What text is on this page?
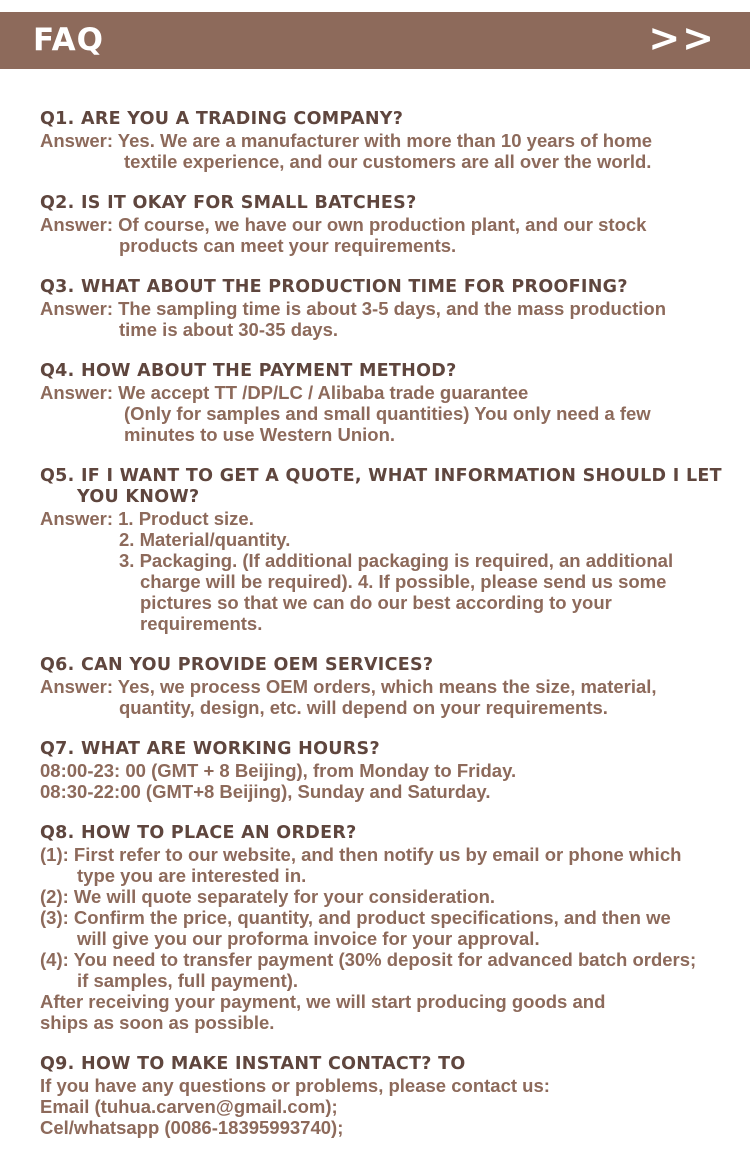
FAQ	>>
Q1. ARE YOU A TRADING COMPANY?
Answer: Yes. We are a manufacturer with more than 10 years of home
textile experience, and our customers are all over the world.
Q2. IS IT OKAY FOR SMALL BATCHES?
Answer: Of course, we have our own production plant, and our stock
products can meet your requirements.
Q3. WHAT ABOUT THE PRODUCTION TIME FOR PROOFING?
Answer: The sampling time is about 3-5 days, and the mass production
time is about 30-35 days.
Q4. HOW ABOUT THE PAYMENT METHOD?
Answer: We accept TT /DP/LC / Alibaba trade guarantee
(Only for samples and small quantities) You only need a few
minutes to use Western Union.
Q5. IF I WANT TO GET A QUOTE, WHAT INFORMATION SHOULD I LET
YOU KNOW?
Answer: 1. Product size.
2. Material/quantity.
3. Packaging. (If additional packaging is required, an additional
charge will be required). 4. If possible, please send us some
pictures so that we can do our best according to your
requirements.
Q6. CAN YOU PROVIDE OEM SERVICES?
Answer: Yes, we process OEM orders, which means the size, material,
quantity, design, etc. will depend on your requirements.
Q7. WHAT ARE WORKING HOURS?
08:00-23: 00 (GMT + 8 Beijing), from Monday to Friday.
08:30-22:00 (GMT+8 Beijing), Sunday and Saturday.
Q8. HOW TO PLACE AN ORDER?
(1): First refer to our website, and then notify us by email or phone which
type you are interested in.
(2): We will quote separately for your consideration.
(3): Confirm the price, quantity, and product specifications, and then we
will give you our proforma invoice for your approval.
(4): You need to transfer payment (30% deposit for advanced batch orders;
if samples, full payment).
After receiving your payment, we will start producing goods and
ships as soon as possible.
Q9. HOW TO MAKE INSTANT CONTACT? TO
If you have any questions or problems, please contact us:
Email (tuhua.carven@gmail.com);
Cel/whatsapp (0086-18395993740);
